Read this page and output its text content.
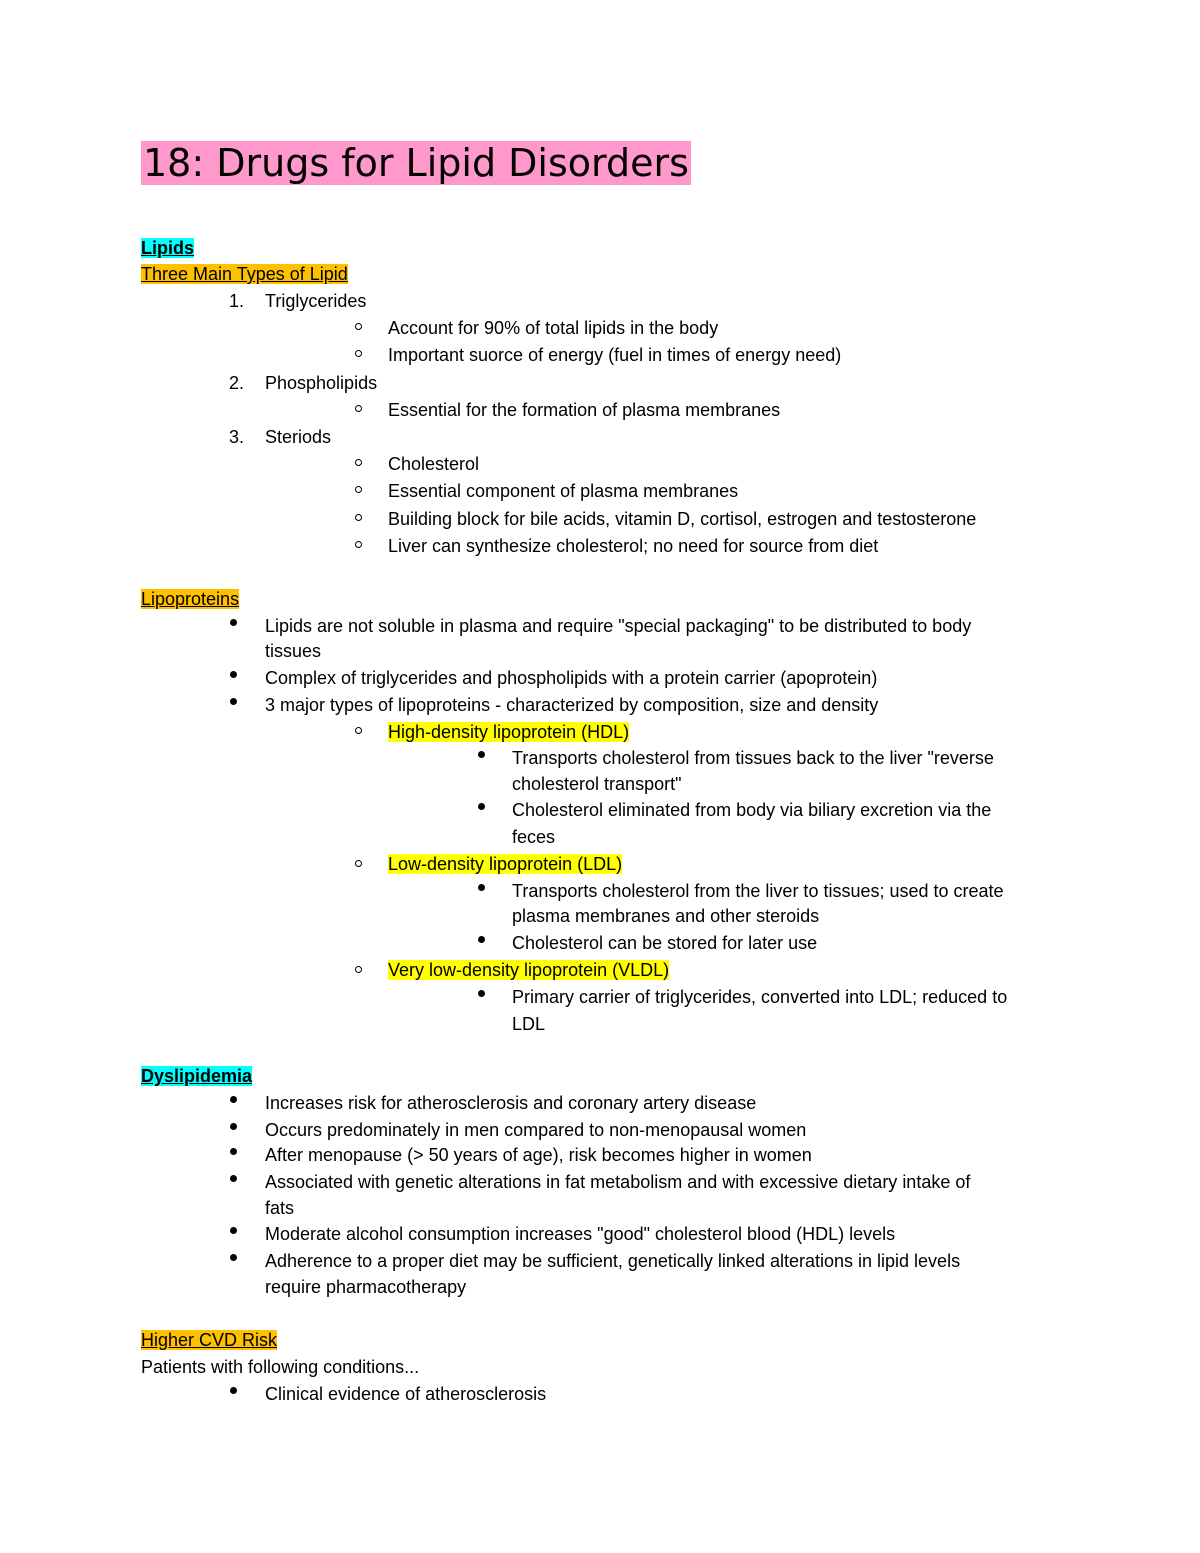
18: Drugs for Lipid Disorders
Lipids
Three Main Types of Lipid
1. Triglycerides
Account for 90% of total lipids in the body
Important suorce of energy (fuel in times of energy need)
2. Phospholipids
Essential for the formation of plasma membranes
3. Steriods
Cholesterol
Essential component of plasma membranes
Building block for bile acids, vitamin D, cortisol, estrogen and testosterone
Liver can synthesize cholesterol; no need for source from diet
Lipoproteins
Lipids are not soluble in plasma and require "special packaging" to be distributed to body
tissues
Complex of triglycerides and phospholipids with a protein carrier (apoprotein)
3 major types of lipoproteins - characterized by composition, size and density
High-density lipoprotein (HDL)
Transports cholesterol from tissues back to the liver "reverse
cholesterol transport"
Cholesterol eliminated from body via biliary excretion via the
feces
Low-density lipoprotein (LDL)
Transports cholesterol from the liver to tissues; used to create
plasma membranes and other steroids
Cholesterol can be stored for later use
Very low-density lipoprotein (VLDL)
Primary carrier of triglycerides, converted into LDL; reduced to
LDL
Dyslipidemia
Increases risk for atherosclerosis and coronary artery disease
Occurs predominately in men compared to non-menopausal women
After menopause (> 50 years of age), risk becomes higher in women
Associated with genetic alterations in fat metabolism and with excessive dietary intake of
fats
Moderate alcohol consumption increases "good" cholesterol blood (HDL) levels
Adherence to a proper diet may be sufficient, genetically linked alterations in lipid levels
require pharmacotherapy
Higher CVD Risk
Patients with following conditions...
Clinical evidence of atherosclerosis
